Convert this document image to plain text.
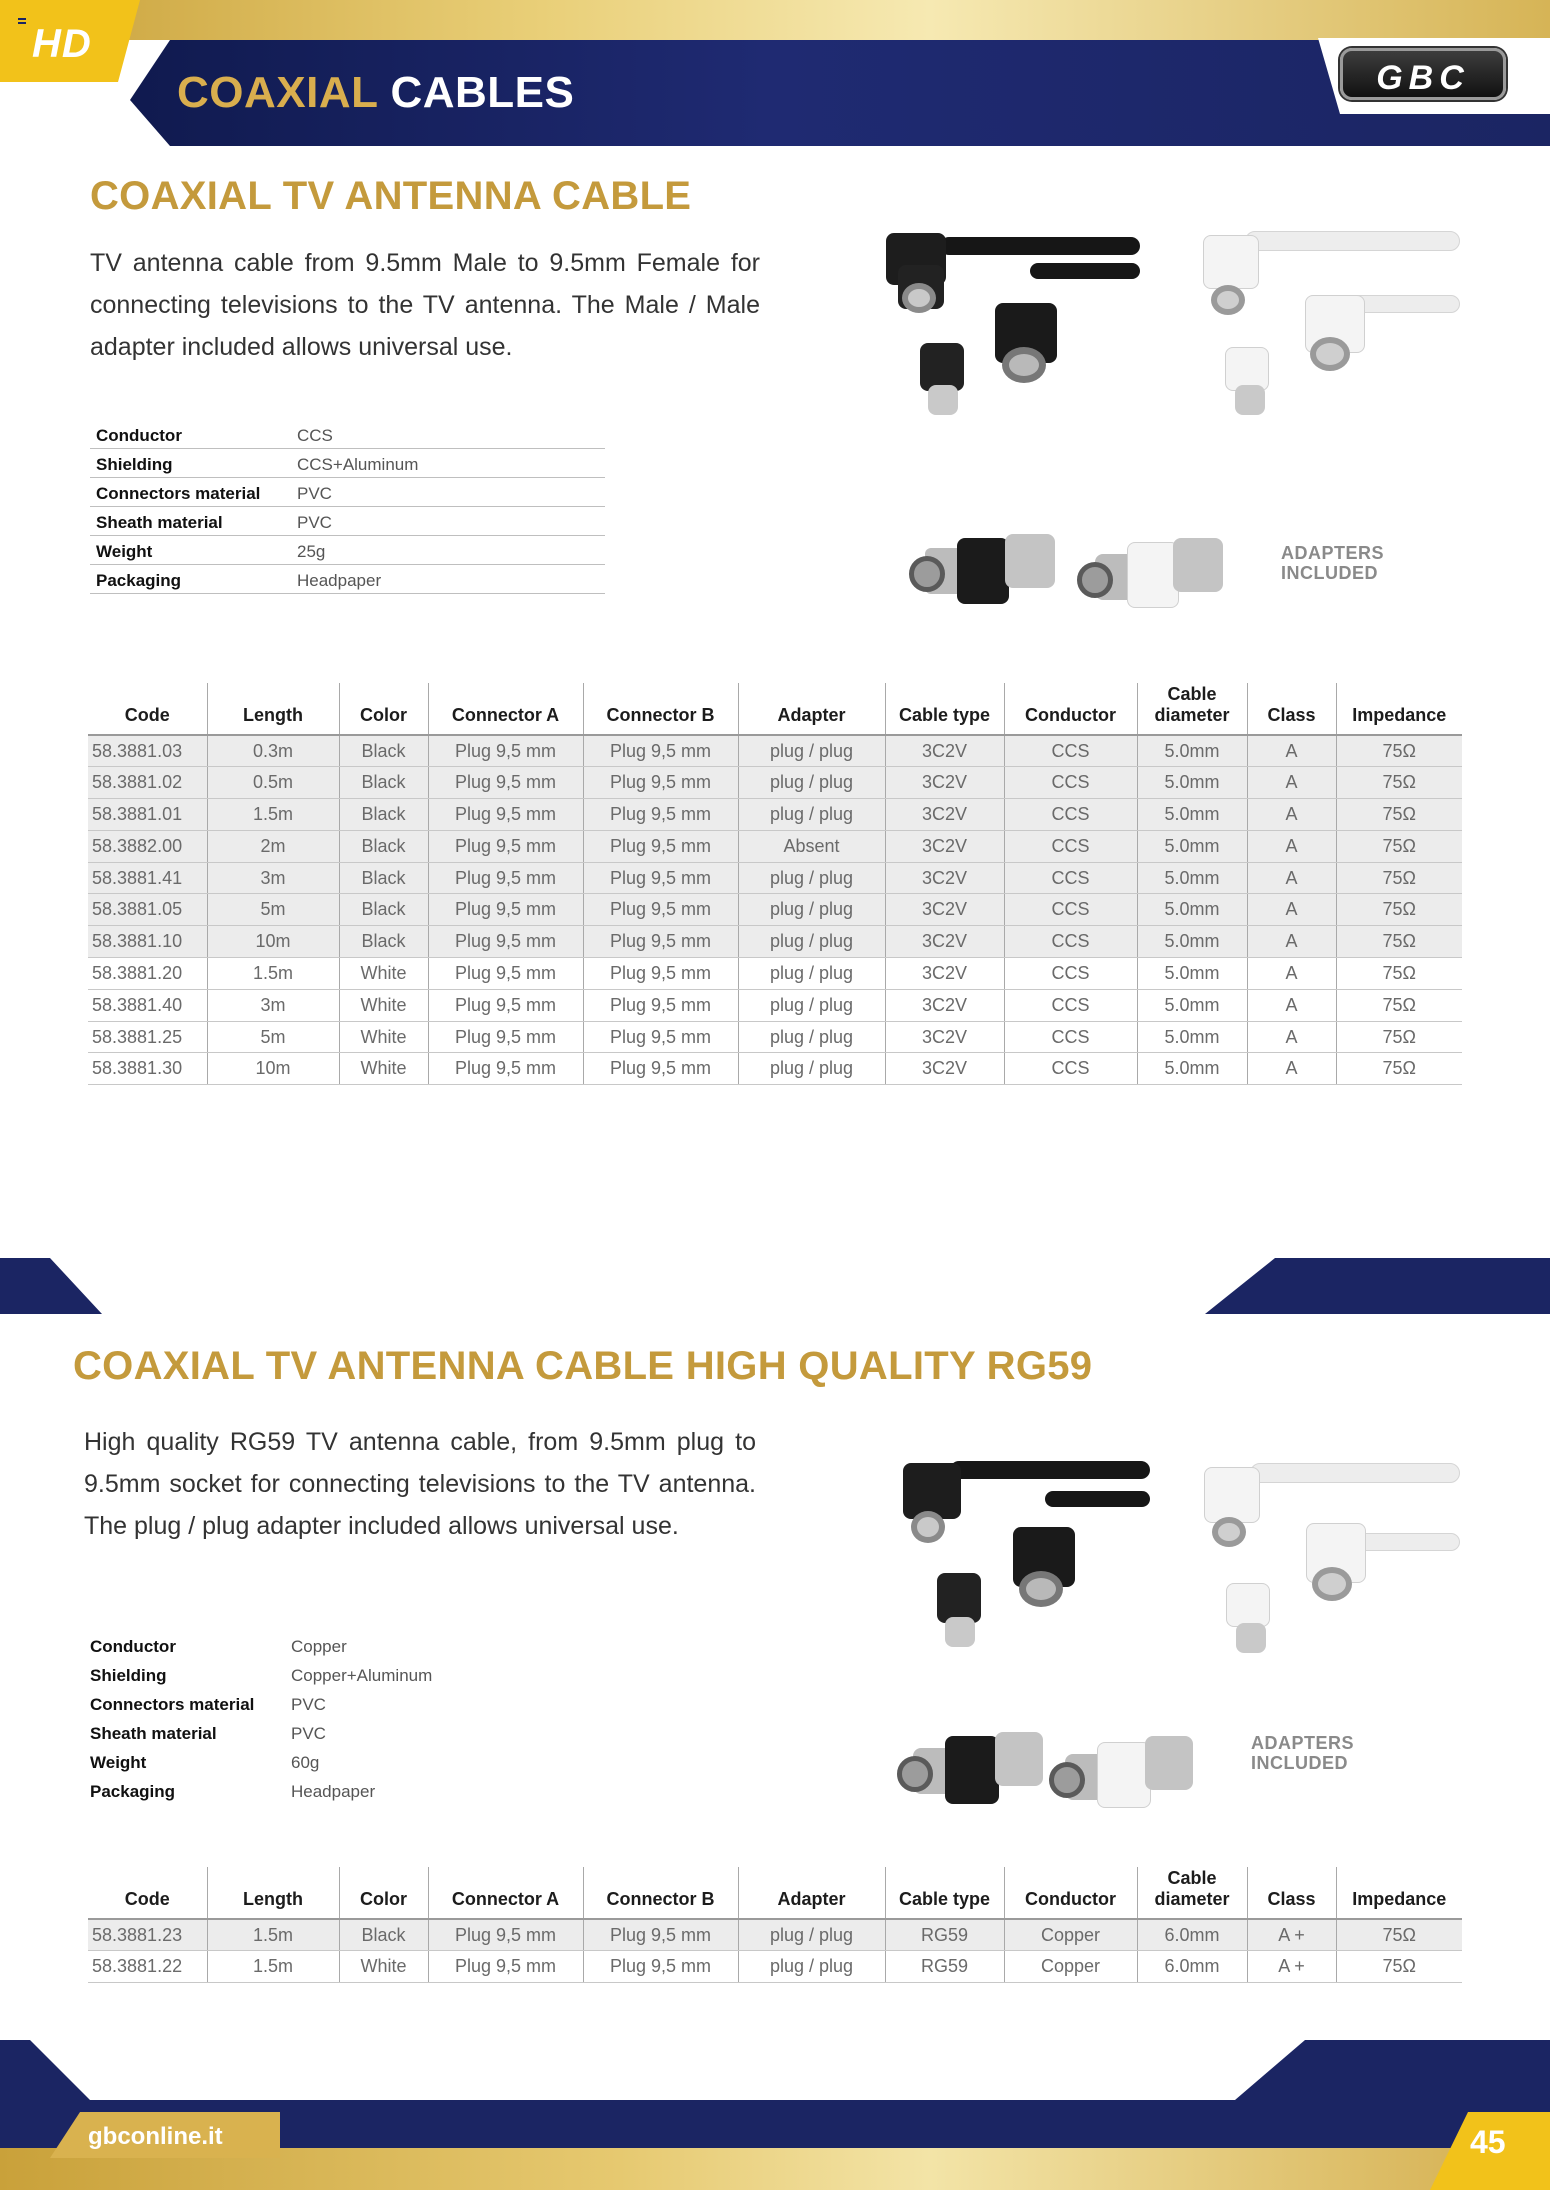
HD
COAXIAL CABLES	GBC
COAXIAL TV ANTENNA CABLE
TV antenna cable from 9.5mm Male to 9.5mm Female for connecting televisions to the TV antenna. The Male / Male adapter included allows universal use.
Conductor	CCS
Shielding	CCS+Aluminum
Connectors material	PVC
Sheath material	PVC
Weight	25g
Packaging	Headpaper
ADAPTERS
INCLUDED
Code	Length	Color	Connector A	Connector B	Adapter	Cable type	Conductor	Cable diameter	Class	Impedance
58.3881.03	0.3m	Black	Plug 9,5 mm	Plug 9,5 mm	plug / plug	3C2V	CCS	5.0mm	A	75Ω
58.3881.02	0.5m	Black	Plug 9,5 mm	Plug 9,5 mm	plug / plug	3C2V	CCS	5.0mm	A	75Ω
58.3881.01	1.5m	Black	Plug 9,5 mm	Plug 9,5 mm	plug / plug	3C2V	CCS	5.0mm	A	75Ω
58.3882.00	2m	Black	Plug 9,5 mm	Plug 9,5 mm	Absent	3C2V	CCS	5.0mm	A	75Ω
58.3881.41	3m	Black	Plug 9,5 mm	Plug 9,5 mm	plug / plug	3C2V	CCS	5.0mm	A	75Ω
58.3881.05	5m	Black	Plug 9,5 mm	Plug 9,5 mm	plug / plug	3C2V	CCS	5.0mm	A	75Ω
58.3881.10	10m	Black	Plug 9,5 mm	Plug 9,5 mm	plug / plug	3C2V	CCS	5.0mm	A	75Ω
58.3881.20	1.5m	White	Plug 9,5 mm	Plug 9,5 mm	plug / plug	3C2V	CCS	5.0mm	A	75Ω
58.3881.40	3m	White	Plug 9,5 mm	Plug 9,5 mm	plug / plug	3C2V	CCS	5.0mm	A	75Ω
58.3881.25	5m	White	Plug 9,5 mm	Plug 9,5 mm	plug / plug	3C2V	CCS	5.0mm	A	75Ω
58.3881.30	10m	White	Plug 9,5 mm	Plug 9,5 mm	plug / plug	3C2V	CCS	5.0mm	A	75Ω
COAXIAL TV ANTENNA CABLE HIGH QUALITY RG59
High quality RG59 TV antenna cable, from 9.5mm plug to 9.5mm socket for connecting televisions to the TV antenna. The plug / plug adapter included allows universal use.
Conductor	Copper
Shielding	Copper+Aluminum
Connectors material	PVC
Sheath material	PVC
Weight	60g
Packaging	Headpaper
ADAPTERS
INCLUDED
Code	Length	Color	Connector A	Connector B	Adapter	Cable type	Conductor	Cable diameter	Class	Impedance
58.3881.23	1.5m	Black	Plug 9,5 mm	Plug 9,5 mm	plug / plug	RG59	Copper	6.0mm	A +	75Ω
58.3881.22	1.5m	White	Plug 9,5 mm	Plug 9,5 mm	plug / plug	RG59	Copper	6.0mm	A +	75Ω
gbconline.it	45
